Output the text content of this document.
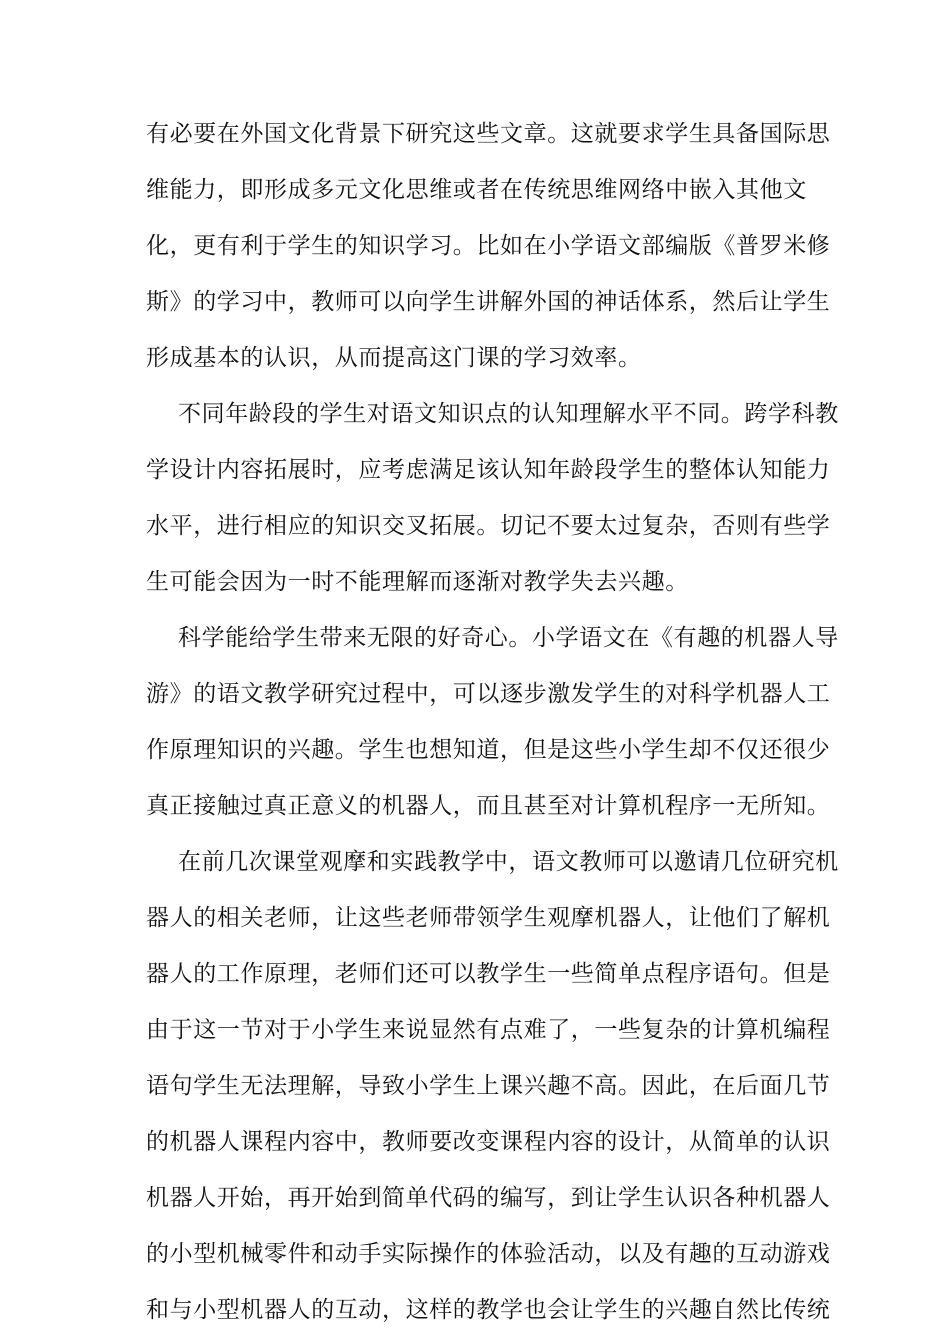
有必要在外国文化背景下研究这些文章。这就要求学生具备国际思
维能力，即形成多元文化思维或者在传统思维网络中嵌入其他文
化，更有利于学生的知识学习。比如在小学语文部编版《普罗米修
斯》的学习中，教师可以向学生讲解外国的神话体系，然后让学生
形成基本的认识，从而提高这门课的学习效率。
不同年龄段的学生对语文知识点的认知理解水平不同。跨学科教
学设计内容拓展时，应考虑满足该认知年龄段学生的整体认知能力
水平，进行相应的知识交叉拓展。切记不要太过复杂，否则有些学
生可能会因为一时不能理解而逐渐对教学失去兴趣。
科学能给学生带来无限的好奇心。小学语文在《有趣的机器人导
游》的语文教学研究过程中，可以逐步激发学生的对科学机器人工
作原理知识的兴趣。学生也想知道，但是这些小学生却不仅还很少
真正接触过真正意义的机器人，而且甚至对计算机程序一无所知。
在前几次课堂观摩和实践教学中，语文教师可以邀请几位研究机
器人的相关老师，让这些老师带领学生观摩机器人，让他们了解机
器人的工作原理，老师们还可以教学生一些简单点程序语句。但是
由于这一节对于小学生来说显然有点难了，一些复杂的计算机编程
语句学生无法理解，导致小学生上课兴趣不高。因此，在后面几节
的机器人课程内容中，教师要改变课程内容的设计，从简单的认识
机器人开始，再开始到简单代码的编写，到让学生认识各种机器人
的小型机械零件和动手实际操作的体验活动，以及有趣的互动游戏
和与小型机器人的互动，这样的教学也会让学生的兴趣自然比传统
